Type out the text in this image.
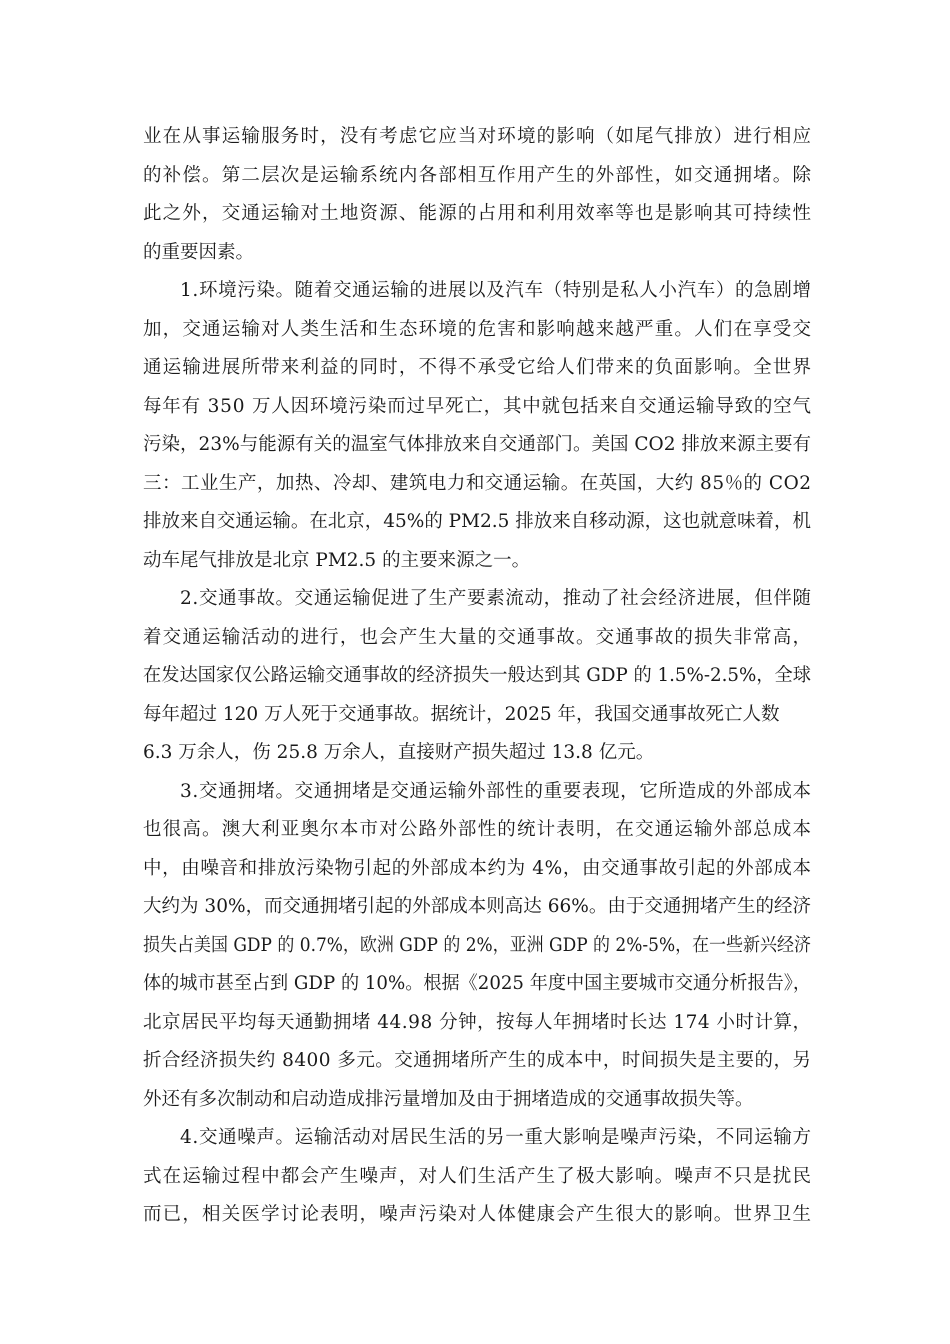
业在从事运输服务时，没有考虑它应当对环境的影响（如尾气排放）进行相应
的补偿。第二层次是运输系统内各部相互作用产生的外部性，如交通拥堵。除
此之外，交通运输对土地资源、能源的占用和利用效率等也是影响其可持续性
的重要因素。
1.环境污染。随着交通运输的进展以及汽车（特别是私人小汽车）的急剧增
加，交通运输对人类生活和生态环境的危害和影响越来越严重。人们在享受交
通运输进展所带来利益的同时，不得不承受它给人们带来的负面影响。全世界
每年有 350 万人因环境污染而过早死亡，其中就包括来自交通运输导致的空气
污染，23%与能源有关的温室气体排放来自交通部门。美国 CO2 排放来源主要有
三：工业生产，加热、冷却、建筑电力和交通运输。在英国，大约 85％的 CO2
排放来自交通运输。在北京，45%的 PM2.5 排放来自移动源，这也就意味着，机
动车尾气排放是北京 PM2.5 的主要来源之一。
2.交通事故。交通运输促进了生产要素流动，推动了社会经济进展，但伴随
着交通运输活动的进行，也会产生大量的交通事故。交通事故的损失非常高，
在发达国家仅公路运输交通事故的经济损失一般达到其 GDP 的 1.5%-2.5%，全球
每年超过 120 万人死于交通事故。据统计，2025 年，我国交通事故死亡人数
6.3 万余人，伤 25.8 万余人，直接财产损失超过 13.8 亿元。
3.交通拥堵。交通拥堵是交通运输外部性的重要表现，它所造成的外部成本
也很高。澳大利亚奥尔本市对公路外部性的统计表明，在交通运输外部总成本
中，由噪音和排放污染物引起的外部成本约为 4%，由交通事故引起的外部成本
大约为 30%，而交通拥堵引起的外部成本则高达 66%。由于交通拥堵产生的经济
损失占美国 GDP 的 0.7%，欧洲 GDP 的 2%，亚洲 GDP 的 2%-5%，在一些新兴经济
体的城市甚至占到 GDP 的 10%。根据《2025 年度中国主要城市交通分析报告》，
北京居民平均每天通勤拥堵 44.98 分钟，按每人年拥堵时长达 174 小时计算，
折合经济损失约 8400 多元。交通拥堵所产生的成本中，时间损失是主要的，另
外还有多次制动和启动造成排污量增加及由于拥堵造成的交通事故损失等。
4.交通噪声。运输活动对居民生活的另一重大影响是噪声污染，不同运输方
式在运输过程中都会产生噪声，对人们生活产生了极大影响。噪声不只是扰民
而已，相关医学讨论表明，噪声污染对人体健康会产生很大的影响。世界卫生
